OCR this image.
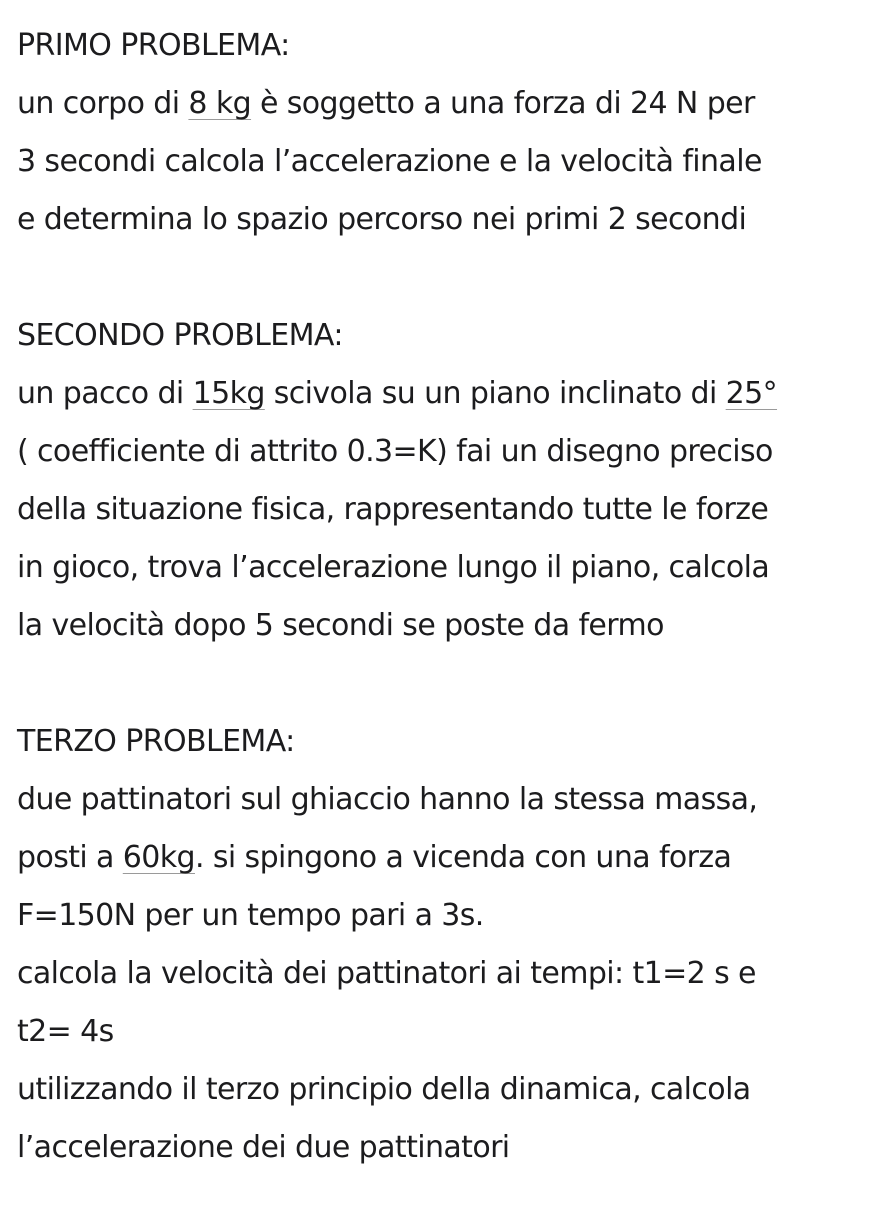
PRIMO PROBLEMA:
un corpo di 8 kg è soggetto a una forza di 24 N per
3 secondi calcola l’accelerazione e la velocità finale
e determina lo spazio percorso nei primi 2 secondi
SECONDO PROBLEMA:
un pacco di 15kg scivola su un piano inclinato di 25°
( coefficiente di attrito 0.3=K) fai un disegno preciso
della situazione fisica, rappresentando tutte le forze
in gioco, trova l’accelerazione lungo il piano, calcola
la velocità dopo 5 secondi se poste da fermo
TERZO PROBLEMA:
due pattinatori sul ghiaccio hanno la stessa massa,
posti a 60kg. si spingono a vicenda con una forza
F=150N per un tempo pari a 3s.
calcola la velocità dei pattinatori ai tempi: t1=2 s e
t2= 4s
utilizzando il terzo principio della dinamica, calcola
l’accelerazione dei due pattinatori
